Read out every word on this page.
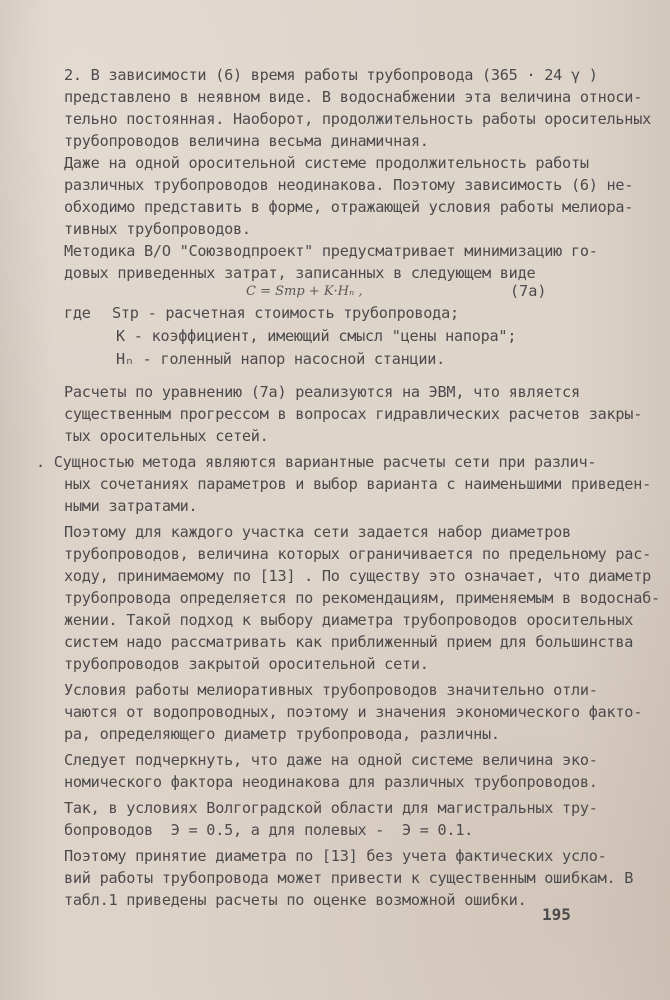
2. В зависимости (6) время работы трубопровода (365 · 24 γ )
представлено в неявном виде. В водоснабжении эта величина относи-
тельно постоянная. Наоборот, продолжительность работы оросительных
трубопроводов величина весьма динамичная.
Даже на одной оросительной системе продолжительность работы
различных трубопроводов неодинакова. Поэтому зависимость (6) не-
обходимо представить в форме, отражающей условия работы мелиора-
тивных трубопроводов.
Методика В/О "Союзводпроект" предусматривает минимизацию го-
довых приведенных затрат, записанных в следующем виде
C = Sтр + K·Hₙ ,	(7а)
где Sтр - расчетная стоимость трубопровода;
К - коэффициент, имеющий смысл "цены напора";
Нₙ - голенный напор насосной станции.
Расчеты по уравнению (7а) реализуются на ЭВМ, что является
существенным прогрессом в вопросах гидравлических расчетов закры-
тых оросительных сетей.
. Сущностью метода являются вариантные расчеты сети при различ-
ных сочетаниях параметров и выбор варианта с наименьшими приведен-
ными затратами.
Поэтому для каждого участка сети задается набор диаметров
трубопроводов, величина которых ограничивается по предельному рас-
ходу, принимаемому по [13] . По существу это означает, что диаметр
трубопровода определяется по рекомендациям, применяемым в водоснаб-
жении. Такой подход к выбору диаметра трубопроводов оросительных
систем надо рассматривать как приближенный прием для большинства
трубопроводов закрытой оросительной сети.
Условия работы мелиоративных трубопроводов значительно отли-
чаются от водопроводных, поэтому и значения экономического факто-
ра, определяющего диаметр трубопровода, различны.
Следует подчеркнуть, что даже на одной системе величина эко-
номического фактора неодинакова для различных трубопроводов.
Так, в условиях Волгоградской области для магистральных тру-
бопроводов  Э = 0.5, а для полевых -  Э = 0.1.
Поэтому принятие диаметра по [13] без учета фактических усло-
вий работы трубопровода может привести к существенным ошибкам. В
табл.1 приведены расчеты по оценке возможной ошибки.
195
